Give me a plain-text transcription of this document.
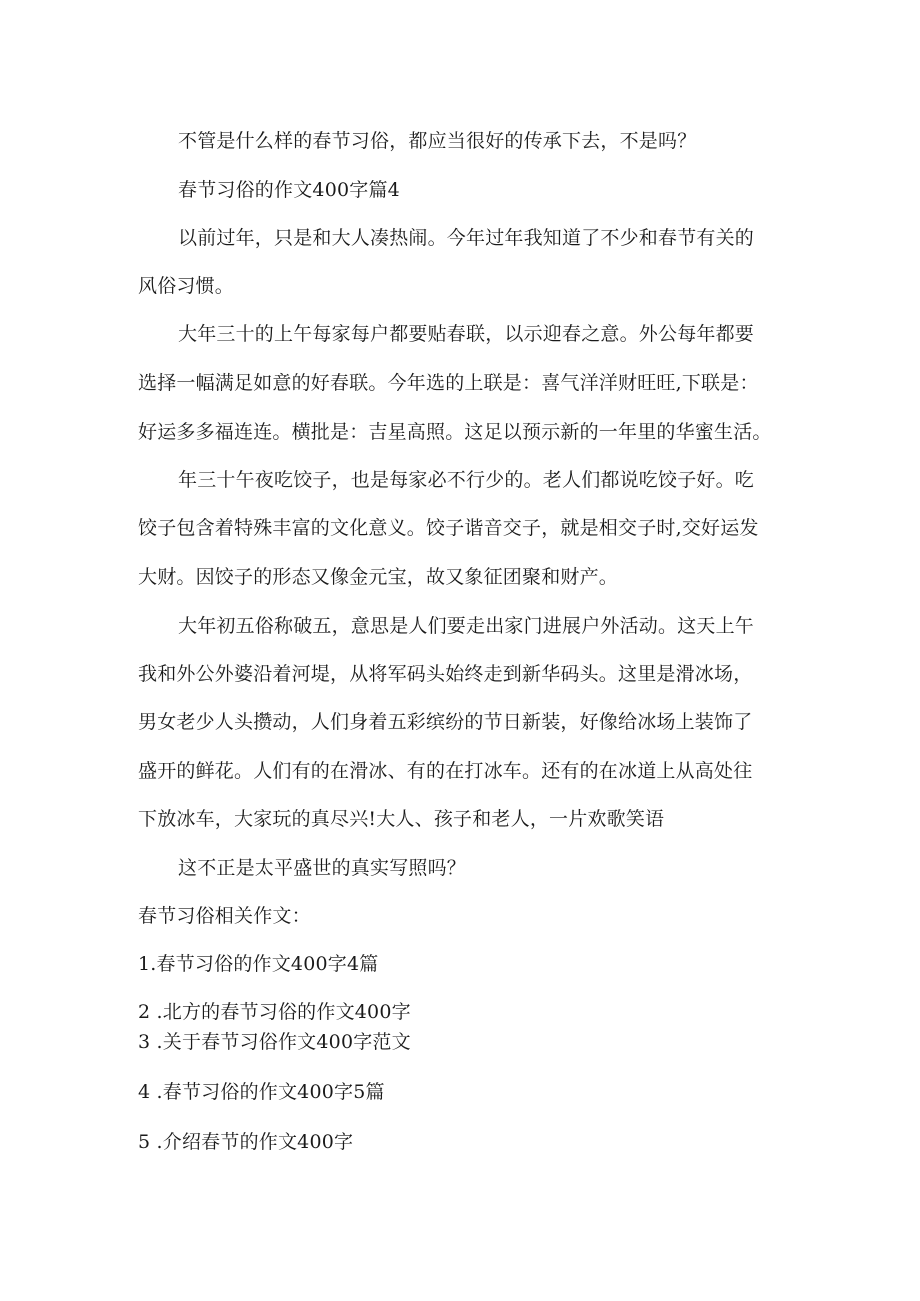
不管是什么样的春节习俗，都应当很好的传承下去，不是吗？
春节习俗的作文400字篇4
以前过年，只是和大人凑热闹。今年过年我知道了不少和春节有关的
风俗习惯。
大年三十的上午每家每户都要贴春联，以示迎春之意。外公每年都要
选择一幅满足如意的好春联。今年选的上联是：喜气洋洋财旺旺,下联是：
好运多多福连连。横批是：吉星高照。这足以预示新的一年里的华蜜生活。
年三十午夜吃饺子，也是每家必不行少的。老人们都说吃饺子好。吃
饺子包含着特殊丰富的文化意义。饺子谐音交子，就是相交子时,交好运发
大财。因饺子的形态又像金元宝，故又象征团聚和财产。
大年初五俗称破五，意思是人们要走出家门进展户外活动。这天上午
我和外公外婆沿着河堤，从将军码头始终走到新华码头。这里是滑冰场，
男女老少人头攒动，人们身着五彩缤纷的节日新装，好像给冰场上装饰了
盛开的鲜花。人们有的在滑冰、有的在打冰车。还有的在冰道上从高处往
下放冰车，大家玩的真尽兴!大人、孩子和老人，一片欢歌笑语
这不正是太平盛世的真实写照吗？
春节习俗相关作文：
1.春节习俗的作文400字4篇
2 .北方的春节习俗的作文400字
3 .关于春节习俗作文400字范文
4 .春节习俗的作文400字5篇
5 .介绍春节的作文400字
